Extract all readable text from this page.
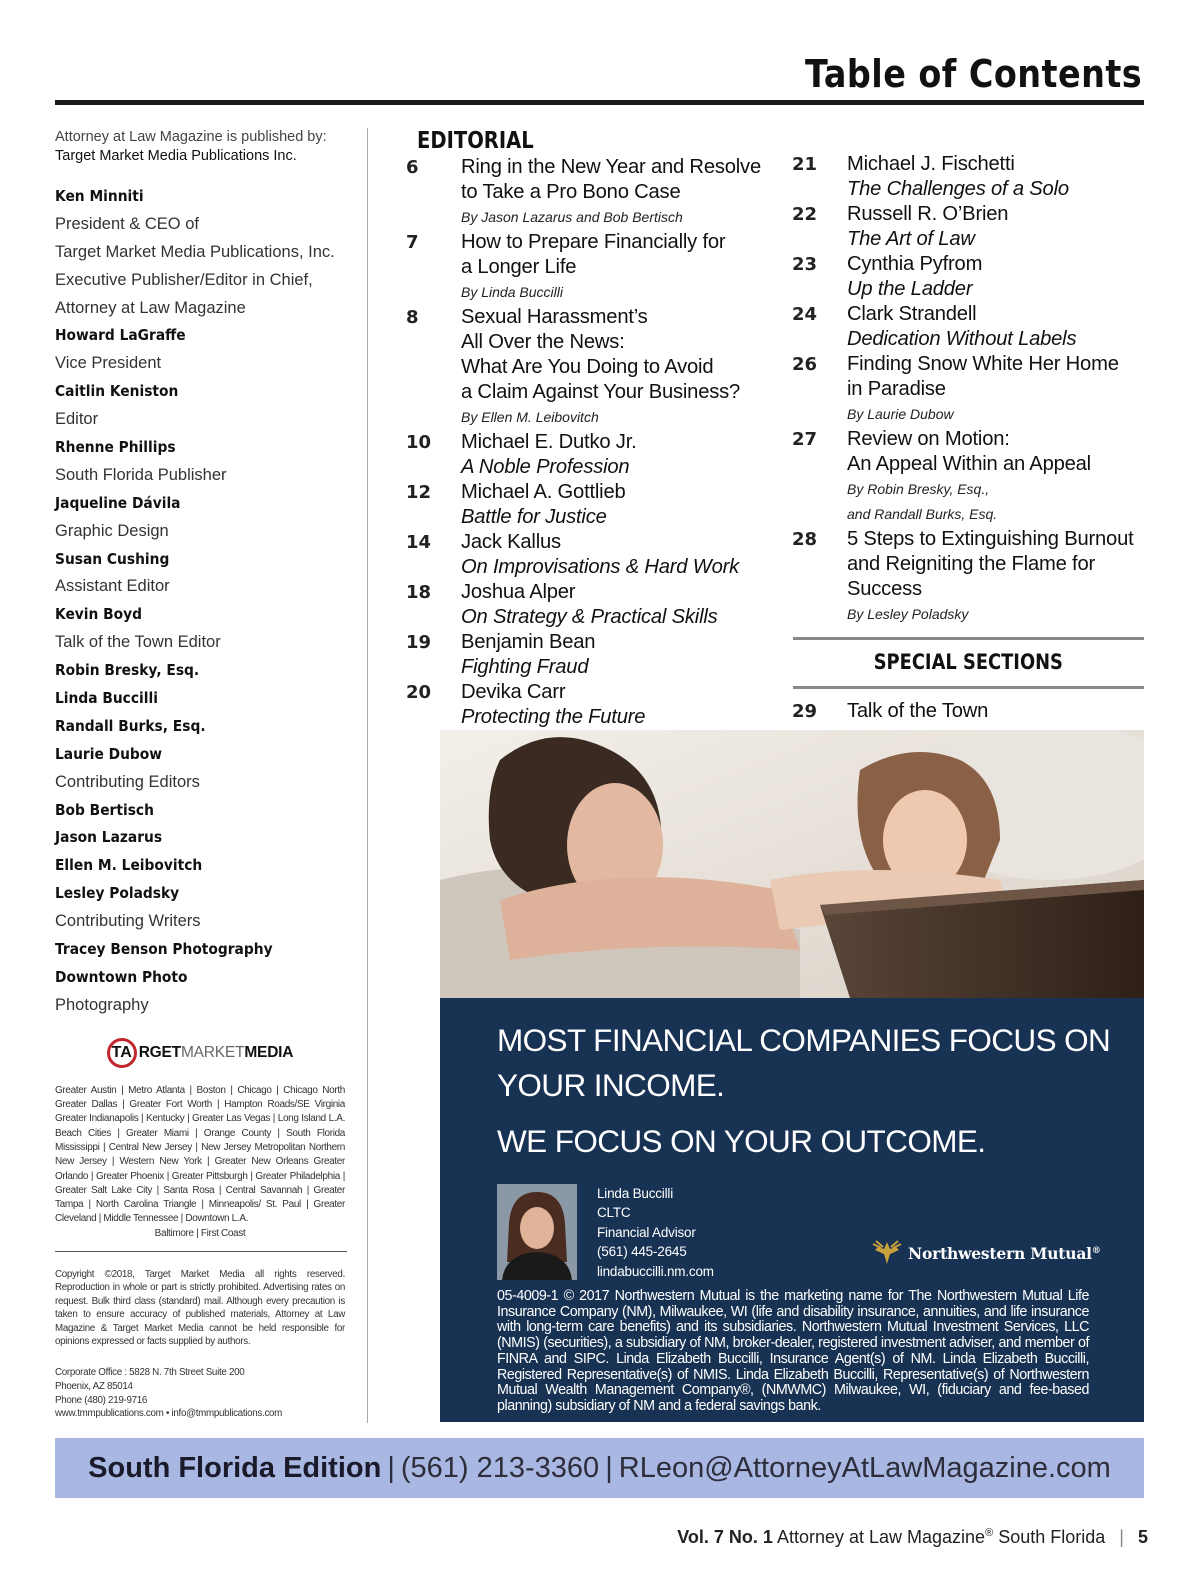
Table of Contents
Attorney at Law Magazine is published by:
Target Market Media Publications Inc.
Ken Minniti
President & CEO of
Target Market Media Publications, Inc.
Executive Publisher/Editor in Chief,
Attorney at Law Magazine
Howard LaGraffe
Vice President
Caitlin Keniston
Editor
Rhenne Phillips
South Florida Publisher
Jaqueline Dávila
Graphic Design
Susan Cushing
Assistant Editor
Kevin Boyd
Talk of the Town Editor
Robin Bresky, Esq.
Linda Buccilli
Randall Burks, Esq.
Laurie Dubow
Contributing Editors
Bob Bertisch
Jason Lazarus
Ellen M. Leibovitch
Lesley Poladsky
Contributing Writers
Tracey Benson Photography
Downtown Photo
Photography
TA RGETMARKETMEDIA
Greater Austin | Metro Atlanta | Boston | Chicago | Chicago North Greater Dallas | Greater Fort Worth | Hampton Roads/SE Virginia Greater Indianapolis | Kentucky | Greater Las Vegas | Long Island L.A. Beach Cities | Greater Miami | Orange County | South Florida Mississippi | Central New Jersey | New Jersey Metropolitan Northern New Jersey | Western New York | Greater New Orleans Greater Orlando | Greater Phoenix | Greater Pittsburgh | Greater Philadelphia | Greater Salt Lake City | Santa Rosa | Central Savannah | Greater Tampa | North Carolina Triangle | Minneapolis/ St. Paul | Greater Cleveland | Middle Tennessee | Downtown L.A.
Baltimore | First Coast
Copyright ©2018, Target Market Media all rights reserved. Reproduction in whole or part is strictly prohibited. Advertising rates on request. Bulk third class (standard) mail. Although every precaution is taken to ensure accuracy of published materials, Attorney at Law Magazine & Target Market Media cannot be held responsible for opinions expressed or facts supplied by authors.
Corporate Office : 5828 N. 7th Street Suite 200
Phoenix, AZ 85014
Phone (480) 219-9716
www.tmmpublications.com • info@tmmpublications.com
EDITORIAL
6	Ring in the New Year and Resolve
to Take a Pro Bono Case
By Jason Lazarus and Bob Bertisch
7	How to Prepare Financially for
a Longer Life
By Linda Buccilli
8	Sexual Harassment’s
All Over the News:
What Are You Doing to Avoid
a Claim Against Your Business?
By Ellen M. Leibovitch
10	Michael E. Dutko Jr.
A Noble Profession
12	Michael A. Gottlieb
Battle for Justice
14	Jack Kallus
On Improvisations & Hard Work
18	Joshua Alper
On Strategy & Practical Skills
19	Benjamin Bean
Fighting Fraud
20	Devika Carr
Protecting the Future
21	Michael J. Fischetti
The Challenges of a Solo
22	Russell R. O’Brien
The Art of Law
23	Cynthia Pyfrom
Up the Ladder
24	Clark Strandell
Dedication Without Labels
26	Finding Snow White Her Home
in Paradise
By Laurie Dubow
27	Review on Motion:
An Appeal Within an Appeal
By Robin Bresky, Esq.,
and Randall Burks, Esq.
28	5 Steps to Extinguishing Burnout
and Reigniting the Flame for
Success
By Lesley Poladsky
SPECIAL SECTIONS
29	Talk of the Town
MOST FINANCIAL COMPANIES FOCUS ON YOUR INCOME.
WE FOCUS ON YOUR OUTCOME.
Linda Buccilli
CLTC
Financial Advisor
(561) 445-2645
lindabuccilli.nm.com
Northwestern Mutual®
05-4009-1 © 2017 Northwestern Mutual is the marketing name for The Northwestern Mutual Life Insurance Company (NM), Milwaukee, WI (life and disability insurance, annuities, and life insurance with long-term care benefits) and its subsidiaries. Northwestern Mutual Investment Services, LLC (NMIS) (securities), a subsidiary of NM, broker-dealer, registered investment adviser, and member of FINRA and SIPC. Linda Elizabeth Buccilli, Insurance Agent(s) of NM. Linda Elizabeth Buccilli, Registered Representative(s) of NMIS. Linda Elizabeth Buccilli, Representative(s) of Northwestern Mutual Wealth Management Company®, (NMWMC) Milwaukee, WI, (fiduciary and fee-based planning) subsidiary of NM and a federal savings bank.
South Florida Edition | (561) 213-3360 | RLeon@AttorneyAtLawMagazine.com
Vol. 7 No. 1 Attorney at Law Magazine® South Florida | 5
